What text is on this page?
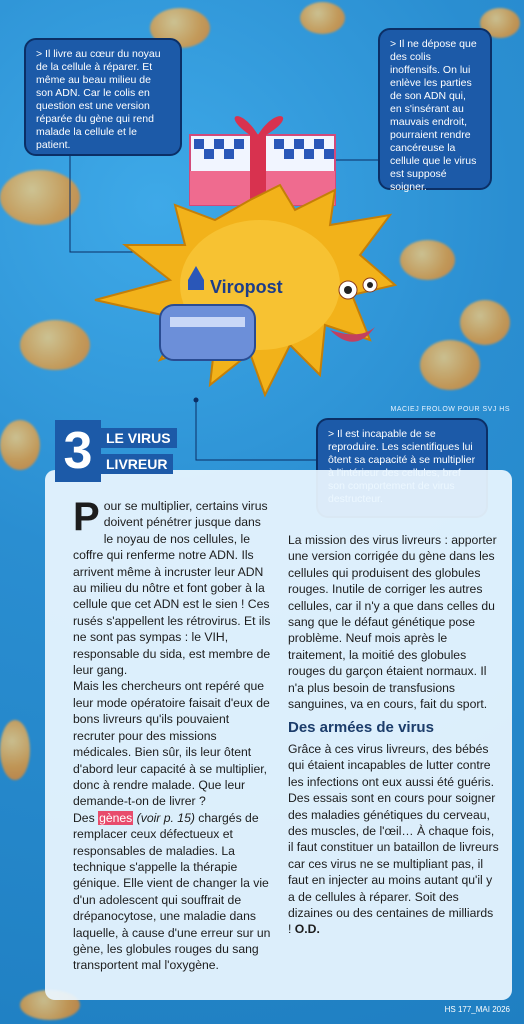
Viropost
MACIEJ FROLOW POUR SVJ HS

> Il livre au cœur du noyau de la cellule à réparer. Et même au beau milieu de son ADN. Car le colis en question est une version réparée du gène qui rend malade la cellule et le patient.

> Il ne dépose que des colis inoffensifs. On lui enlève les parties de son ADN qui, en s'insérant au mauvais endroit, pourraient rendre cancéreuse la cellule que le virus est supposé soigner.

> Il est incapable de se reproduire. Les scientifiques lui ôtent sa capacité à se multiplier

3 LE VIRUS
LIVREUR

Pour se multiplier, certains virus doivent pénétrer jusque dans le noyau de nos cellules, le coffre qui renferme notre ADN. Ils arrivent même à incruster leur ADN au milieu du nôtre et font gober à la cellule que cet ADN est le sien ! Ces rusés s'appellent les rétrovirus. Et ils ne sont pas sympas : le VIH, responsable du sida, est membre de leur gang.

Mais les chercheurs ont repéré que leur mode opératoire faisait d'eux de bons livreurs qu'ils pouvaient recruter pour des missions médicales. Bien sûr, ils leur ôtent d'abord leur capacité à se multiplier, donc à rendre malade. Que leur demande-t-on de livrer ?

Des gènes (voir p. 15) chargés de remplacer ceux défectueux et responsables de maladies. La technique s'appelle la thérapie génique. Elle vient de changer la vie d'un adolescent qui souffrait de drépanocytose, une maladie dans laquelle, à cause d'une erreur sur un gène, les globules rouges du sang transportent mal l'oxygène.

La mission des virus livreurs : apporter une version corrigée du gène dans les cellules qui produisent des globules rouges. Inutile de corriger les autres cellules, car il n'y a que dans celles du sang que le défaut génétique pose problème. Neuf mois après le traitement, la moitié des globules rouges du garçon étaient normaux. Il n'a plus besoin de transfusions sanguines, va en cours, fait du sport.

Des armées de virus

Grâce à ces virus livreurs, des bébés qui étaient incapables de lutter contre les infections ont eux aussi été guéris. Des essais sont en cours pour soigner des maladies génétiques du cerveau, des muscles, de l'œil… À chaque fois, il faut constituer un bataillon de livreurs car ces virus ne se multipliant pas, il faut en injecter au moins autant qu'il y a de cellules à réparer. Soit des dizaines ou des centaines de milliards ! O.D.

HS 177_MAI 2026
